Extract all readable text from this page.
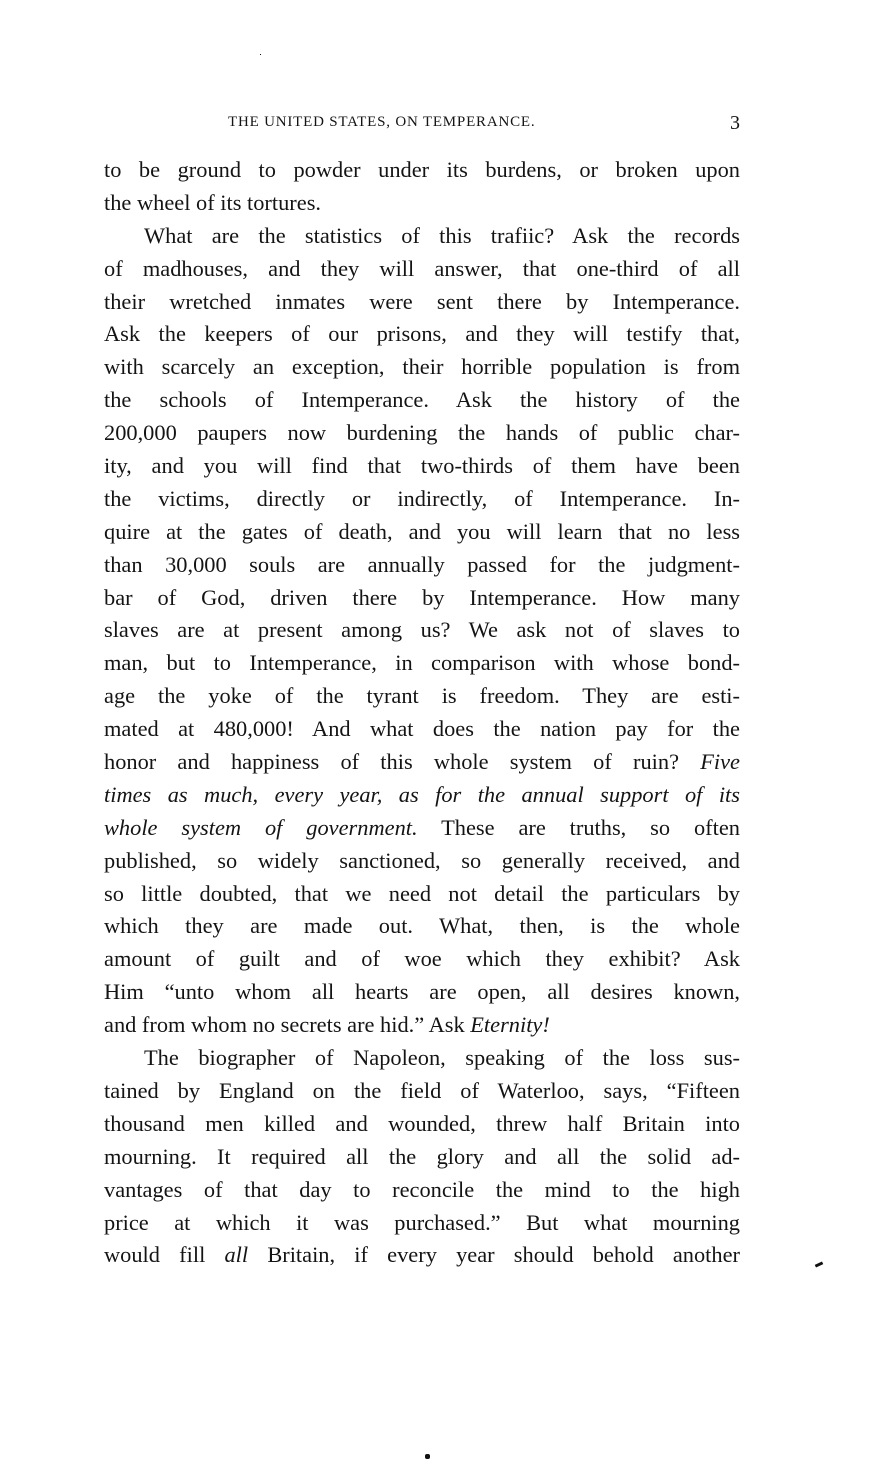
THE UNITED STATES, ON TEMPERANCE.	3
to be ground to powder under its burdens, or broken upon
the wheel of its tortures.
What are the statistics of this trafiic? Ask the records
of madhouses, and they will answer, that one-third of all
their wretched inmates were sent there by Intemperance.
Ask the keepers of our prisons, and they will testify that,
with scarcely an exception, their horrible population is from
the schools of Intemperance. Ask the history of the
200,000 paupers now burdening the hands of public char-
ity, and you will find that two-thirds of them have been
the victims, directly or indirectly, of Intemperance. In-
quire at the gates of death, and you will learn that no less
than 30,000 souls are annually passed for the judgment-
bar of God, driven there by Intemperance. How many
slaves are at present among us? We ask not of slaves to
man, but to Intemperance, in comparison with whose bond-
age the yoke of the tyrant is freedom. They are esti-
mated at 480,000! And what does the nation pay for the
honor and happiness of this whole system of ruin? Five
times as much, every year, as for the annual support of its
whole system of government. These are truths, so often
published, so widely sanctioned, so generally received, and
so little doubted, that we need not detail the particulars by
which they are made out. What, then, is the whole
amount of guilt and of woe which they exhibit? Ask
Him “unto whom all hearts are open, all desires known,
and from whom no secrets are hid.” Ask Eternity!
The biographer of Napoleon, speaking of the loss sus-
tained by England on the field of Waterloo, says, “Fifteen
thousand men killed and wounded, threw half Britain into
mourning. It required all the glory and all the solid ad-
vantages of that day to reconcile the mind to the high
price at which it was purchased.” But what mourning
would fill all Britain, if every year should behold another
